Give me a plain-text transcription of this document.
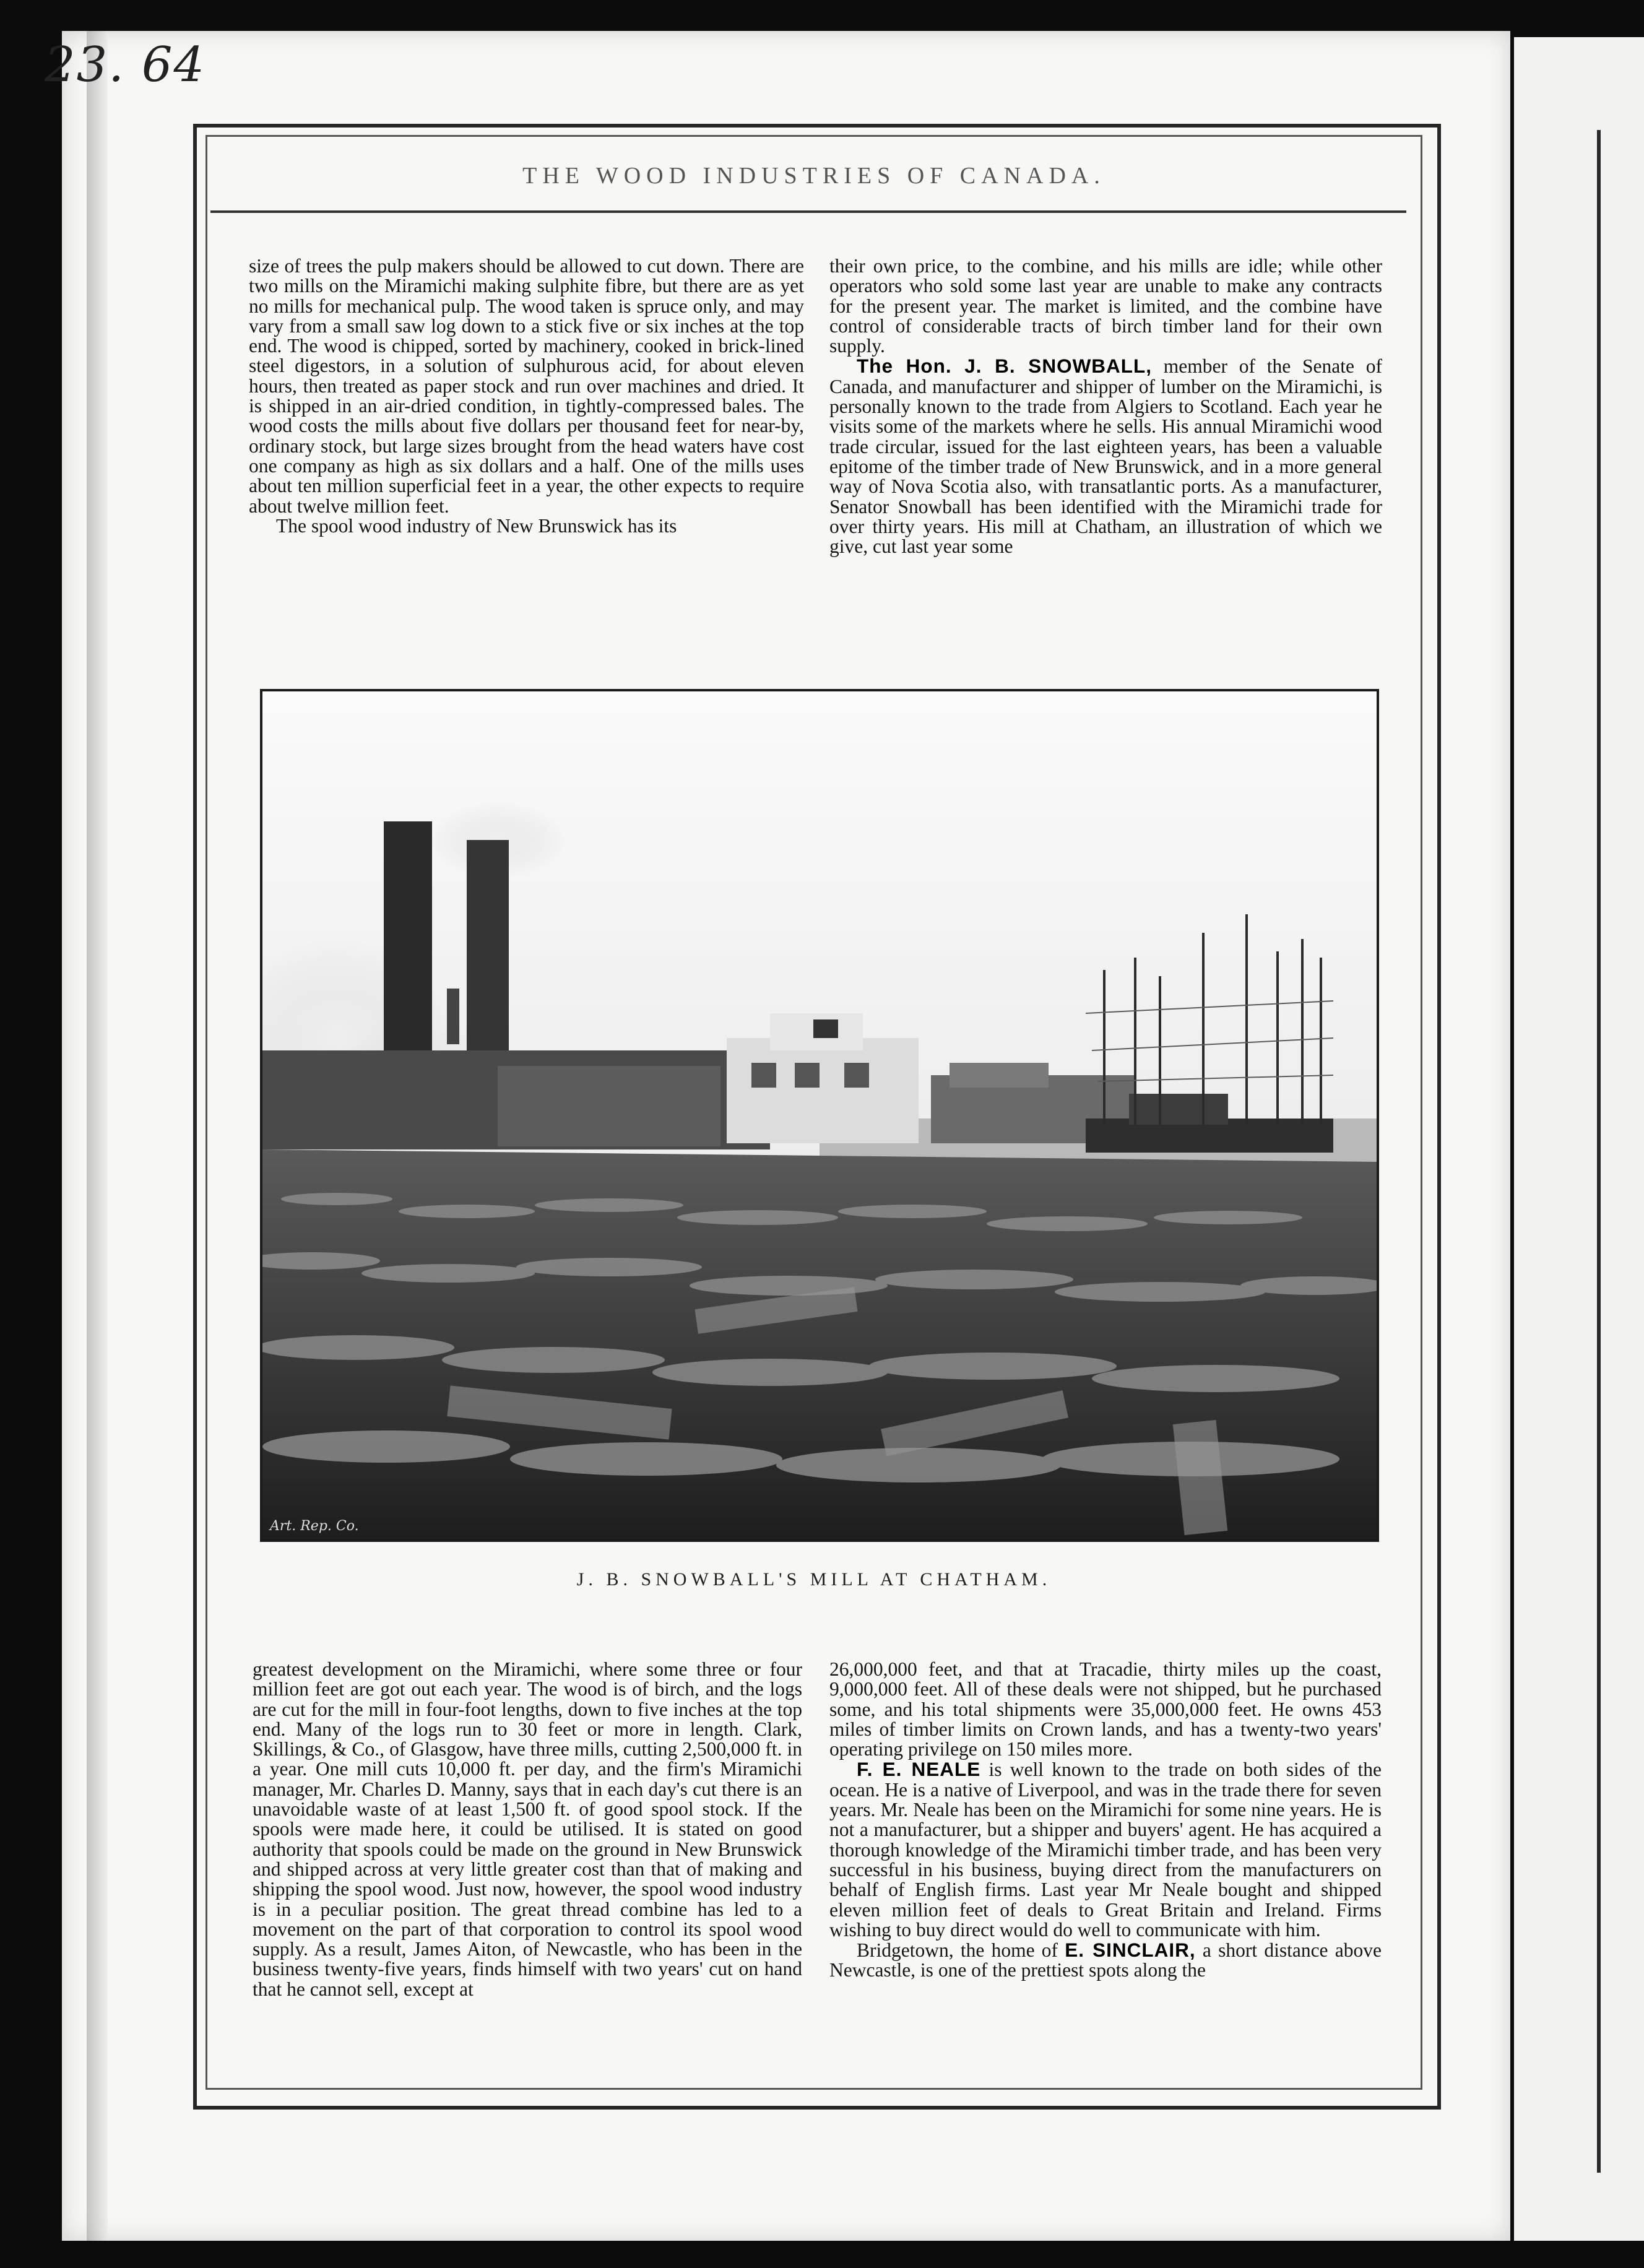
23. 64
THE WOOD INDUSTRIES OF CANADA.

size of trees the pulp makers should be allowed to cut down. There are two mills on the Miramichi making sulphite fibre, but there are as yet no mills for mechanical pulp. The wood taken is spruce only, and may vary from a small saw log down to a stick five or six inches at the top end. The wood is chipped, sorted by machinery, cooked in brick-lined steel digestors, in a solution of sulphurous acid, for about eleven hours, then treated as paper stock and run over machines and dried. It is shipped in an air-dried condition, in tightly-compressed bales. The wood costs the mills about five dollars per thousand feet for near-by, ordinary stock, but large sizes brought from the head waters have cost one company as high as six dollars and a half. One of the mills uses about ten million superficial feet in a year, the other expects to require about twelve million feet.

The spool wood industry of New Brunswick has its

their own price, to the combine, and his mills are idle; while other operators who sold some last year are unable to make any contracts for the present year. The market is limited, and the combine have control of considerable tracts of birch timber land for their own supply.

The Hon. J. B. SNOWBALL, member of the Senate of Canada, and manufacturer and shipper of lumber on the Miramichi, is personally known to the trade from Algiers to Scotland. Each year he visits some of the markets where he sells. His annual Miramichi wood trade circular, issued for the last eighteen years, has been a valuable epitome of the timber trade of New Brunswick, and in a more general way of Nova Scotia also, with transatlantic ports. As a manufacturer, Senator Snowball has been identified with the Miramichi trade for over thirty years. His mill at Chatham, an illustration of which we give, cut last year some

Art. Rep. Co.
J. B. SNOWBALL'S MILL AT CHATHAM.

greatest development on the Miramichi, where some three or four million feet are got out each year. The wood is of birch, and the logs are cut for the mill in four-foot lengths, down to five inches at the top end. Many of the logs run to 30 feet or more in length. Clark, Skillings, & Co., of Glasgow, have three mills, cutting 2,500,000 ft. in a year. One mill cuts 10,000 ft. per day, and the firm's Miramichi manager, Mr. Charles D. Manny, says that in each day's cut there is an unavoidable waste of at least 1,500 ft. of good spool stock. If the spools were made here, it could be utilised. It is stated on good authority that spools could be made on the ground in New Brunswick and shipped across at very little greater cost than that of making and shipping the spool wood. Just now, however, the spool wood industry is in a peculiar position. The great thread combine has led to a movement on the part of that corporation to control its spool wood supply. As a result, James Aiton, of Newcastle, who has been in the business twenty-five years, finds himself with two years' cut on hand that he cannot sell, except at

26,000,000 feet, and that at Tracadie, thirty miles up the coast, 9,000,000 feet. All of these deals were not shipped, but he purchased some, and his total shipments were 35,000,000 feet. He owns 453 miles of timber limits on Crown lands, and has a twenty-two years' operating privilege on 150 miles more.

F. E. NEALE is well known to the trade on both sides of the ocean. He is a native of Liverpool, and was in the trade there for seven years. Mr. Neale has been on the Miramichi for some nine years. He is not a manufacturer, but a shipper and buyers' agent. He has acquired a thorough knowledge of the Miramichi timber trade, and has been very successful in his business, buying direct from the manufacturers on behalf of English firms. Last year Mr Neale bought and shipped eleven million feet of deals to Great Britain and Ireland. Firms wishing to buy direct would do well to communicate with him.

Bridgetown, the home of E. SINCLAIR, a short distance above Newcastle, is one of the prettiest spots along the
